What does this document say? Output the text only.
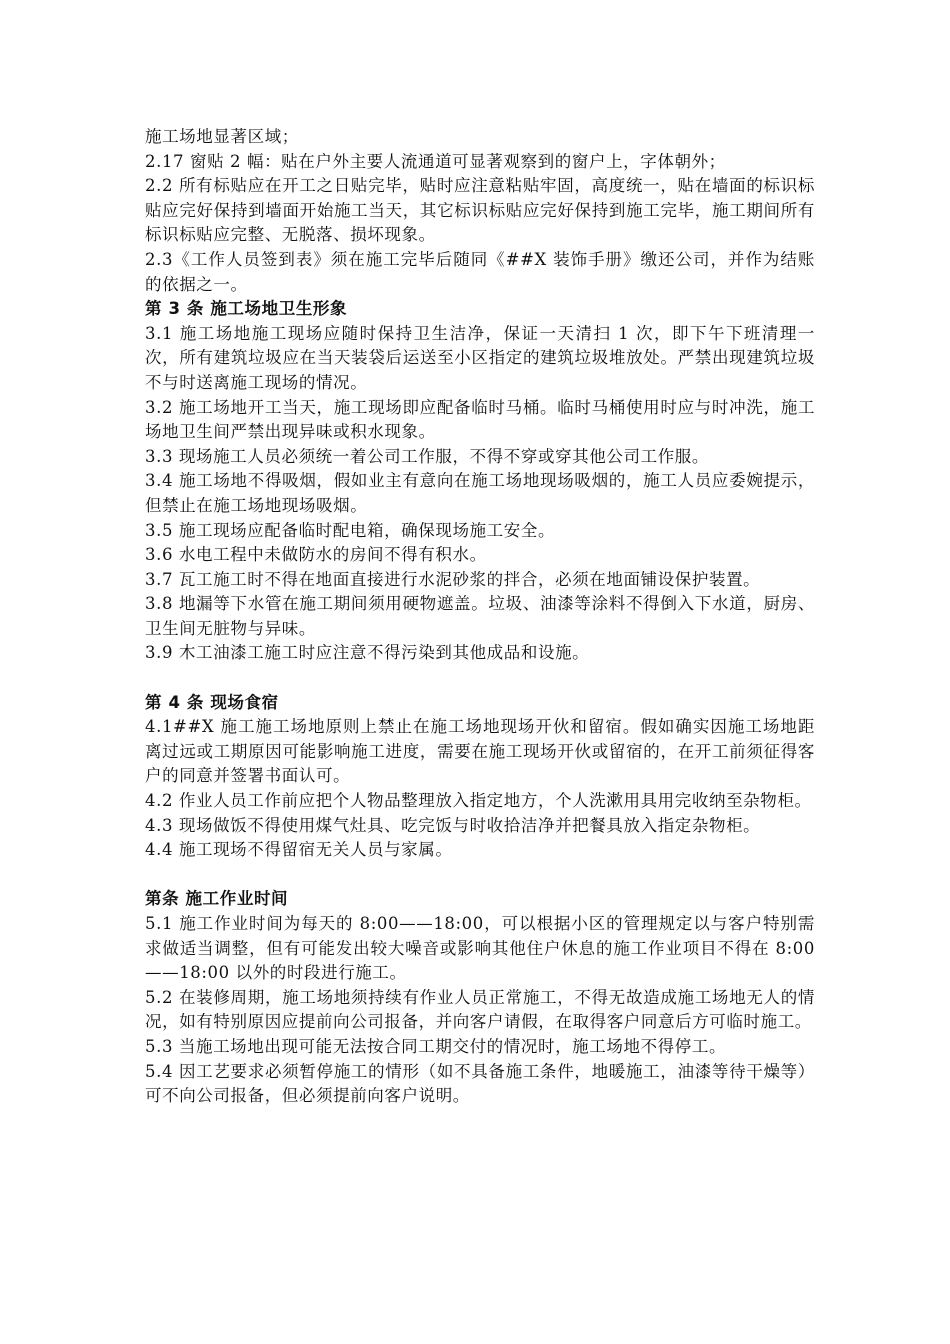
施工场地显著区域；

2.17 窗贴 2 幅：贴在户外主要人流通道可显著观察到的窗户上，字体朝外；

2.2 所有标贴应在开工之日贴完毕，贴时应注意粘贴牢固，高度统一，贴在墙面的标识标贴应完好保持到墙面开始施工当天，其它标识标贴应完好保持到施工完毕，施工期间所有标识标贴应完整、无脱落、损坏现象。

2.3《工作人员签到表》须在施工完毕后随同《##X 装饰手册》缴还公司，并作为结账的依据之一。

第 3 条 施工场地卫生形象

3.1 施工场地施工现场应随时保持卫生洁净，保证一天清扫 1 次，即下午下班清理一次，所有建筑垃圾应在当天装袋后运送至小区指定的建筑垃圾堆放处。严禁出现建筑垃圾不与时送离施工现场的情况。

3.2 施工场地开工当天，施工现场即应配备临时马桶。临时马桶使用时应与时冲洗，施工场地卫生间严禁出现异味或积水现象。

3.3 现场施工人员必须统一着公司工作服，不得不穿或穿其他公司工作服。

3.4 施工场地不得吸烟，假如业主有意向在施工场地现场吸烟的，施工人员应委婉提示，但禁止在施工场地现场吸烟。

3.5 施工现场应配备临时配电箱，确保现场施工安全。

3.6 水电工程中未做防水的房间不得有积水。

3.7 瓦工施工时不得在地面直接进行水泥砂浆的拌合，必须在地面铺设保护装置。

3.8 地漏等下水管在施工期间须用硬物遮盖。垃圾、油漆等涂料不得倒入下水道，厨房、卫生间无脏物与异味。

3.9 木工油漆工施工时应注意不得污染到其他成品和设施。

第 4 条 现场食宿

4.1##X 施工施工场地原则上禁止在施工场地现场开伙和留宿。假如确实因施工场地距离过远或工期原因可能影响施工进度，需要在施工现场开伙或留宿的，在开工前须征得客户的同意并签署书面认可。

4.2 作业人员工作前应把个人物品整理放入指定地方，个人洗漱用具用完收纳至杂物柜。

4.3 现场做饭不得使用煤气灶具、吃完饭与时收拾洁净并把餐具放入指定杂物柜。

4.4 施工现场不得留宿无关人员与家属。

第条 施工作业时间

5.1 施工作业时间为每天的 8:00——18:00，可以根据小区的管理规定以与客户特别需求做适当调整，但有可能发出较大噪音或影响其他住户休息的施工作业项目不得在 8:00——18:00 以外的时段进行施工。

5.2 在装修周期，施工场地须持续有作业人员正常施工，不得无故造成施工场地无人的情况，如有特别原因应提前向公司报备，并向客户请假，在取得客户同意后方可临时施工。

5.3 当施工场地出现可能无法按合同工期交付的情况时，施工场地不得停工。

5.4 因工艺要求必须暂停施工的情形（如不具备施工条件，地暖施工，油漆等待干燥等）可不向公司报备，但必须提前向客户说明。
